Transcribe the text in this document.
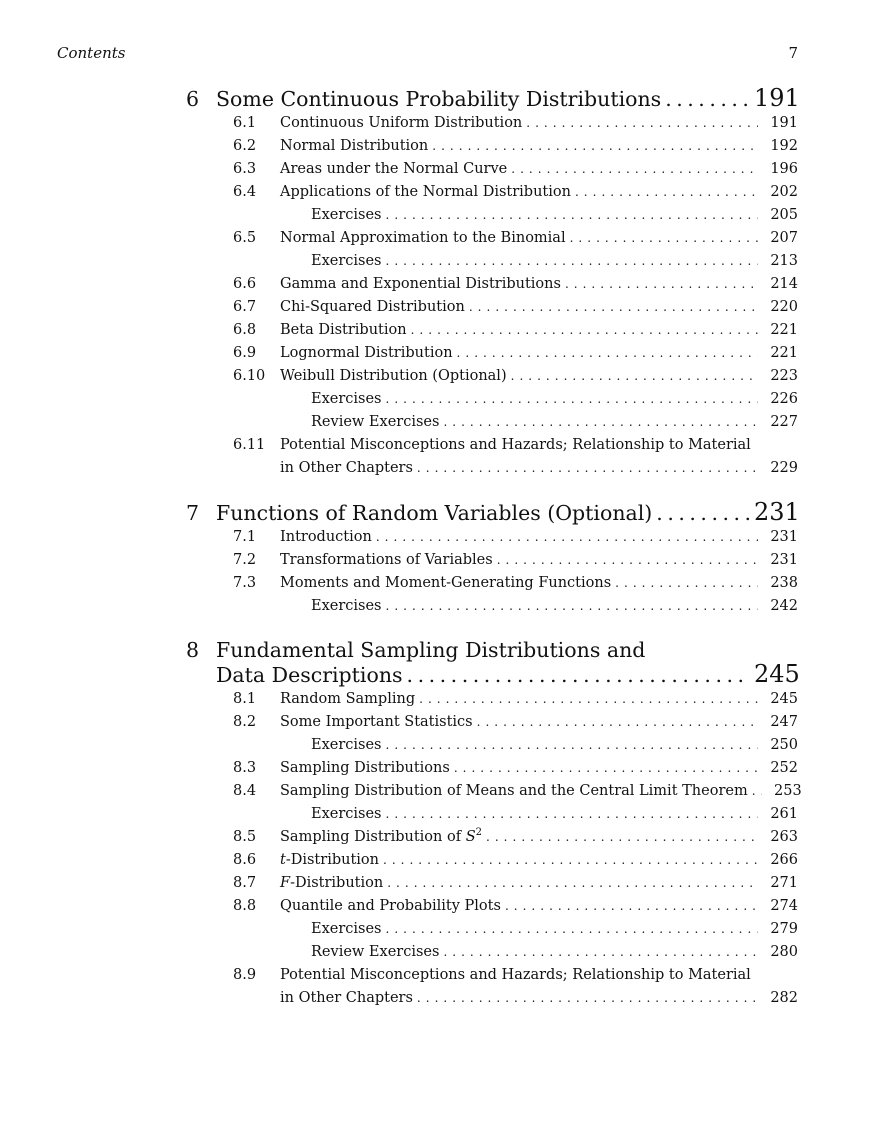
Contents	7
6 Some Continuous Probability Distributions . . .	191
6.1	Continuous Uniform Distribution . . .	191
6.2	Normal Distribution . . .	192
6.3	Areas under the Normal Curve . . .	196
6.4	Applications of the Normal Distribution . . .	202
Exercises . . .	205
6.5	Normal Approximation to the Binomial . . .	207
Exercises . . .	213
6.6	Gamma and Exponential Distributions . . .	214
6.7	Chi-Squared Distribution . . .	220
6.8	Beta Distribution . . .	221
6.9	Lognormal Distribution . . .	221
6.10	Weibull Distribution (Optional) . . .	223
Exercises . . .	226
Review Exercises . . .	227
6.11	Potential Misconceptions and Hazards; Relationship to Material
in Other Chapters . . .	229
7 Functions of Random Variables (Optional) . . .	231
7.1	Introduction . . .	231
7.2	Transformations of Variables . . .	231
7.3	Moments and Moment-Generating Functions . . .	238
Exercises . . .	242
8 Fundamental Sampling Distributions and
Data Descriptions . . .	245
8.1	Random Sampling . . .	245
8.2	Some Important Statistics . . .	247
Exercises . . .	250
8.3	Sampling Distributions . . .	252
8.4	Sampling Distribution of Means and the Central Limit Theorem . . .	253
Exercises . . .	261
8.5	Sampling Distribution of $S^2$ . . .	263
8.6	t-Distribution . . .	266
8.7	F-Distribution . . .	271
8.8	Quantile and Probability Plots . . .	274
Exercises . . .	279
Review Exercises . . .	280
8.9	Potential Misconceptions and Hazards; Relationship to Material
in Other Chapters . . .	282
